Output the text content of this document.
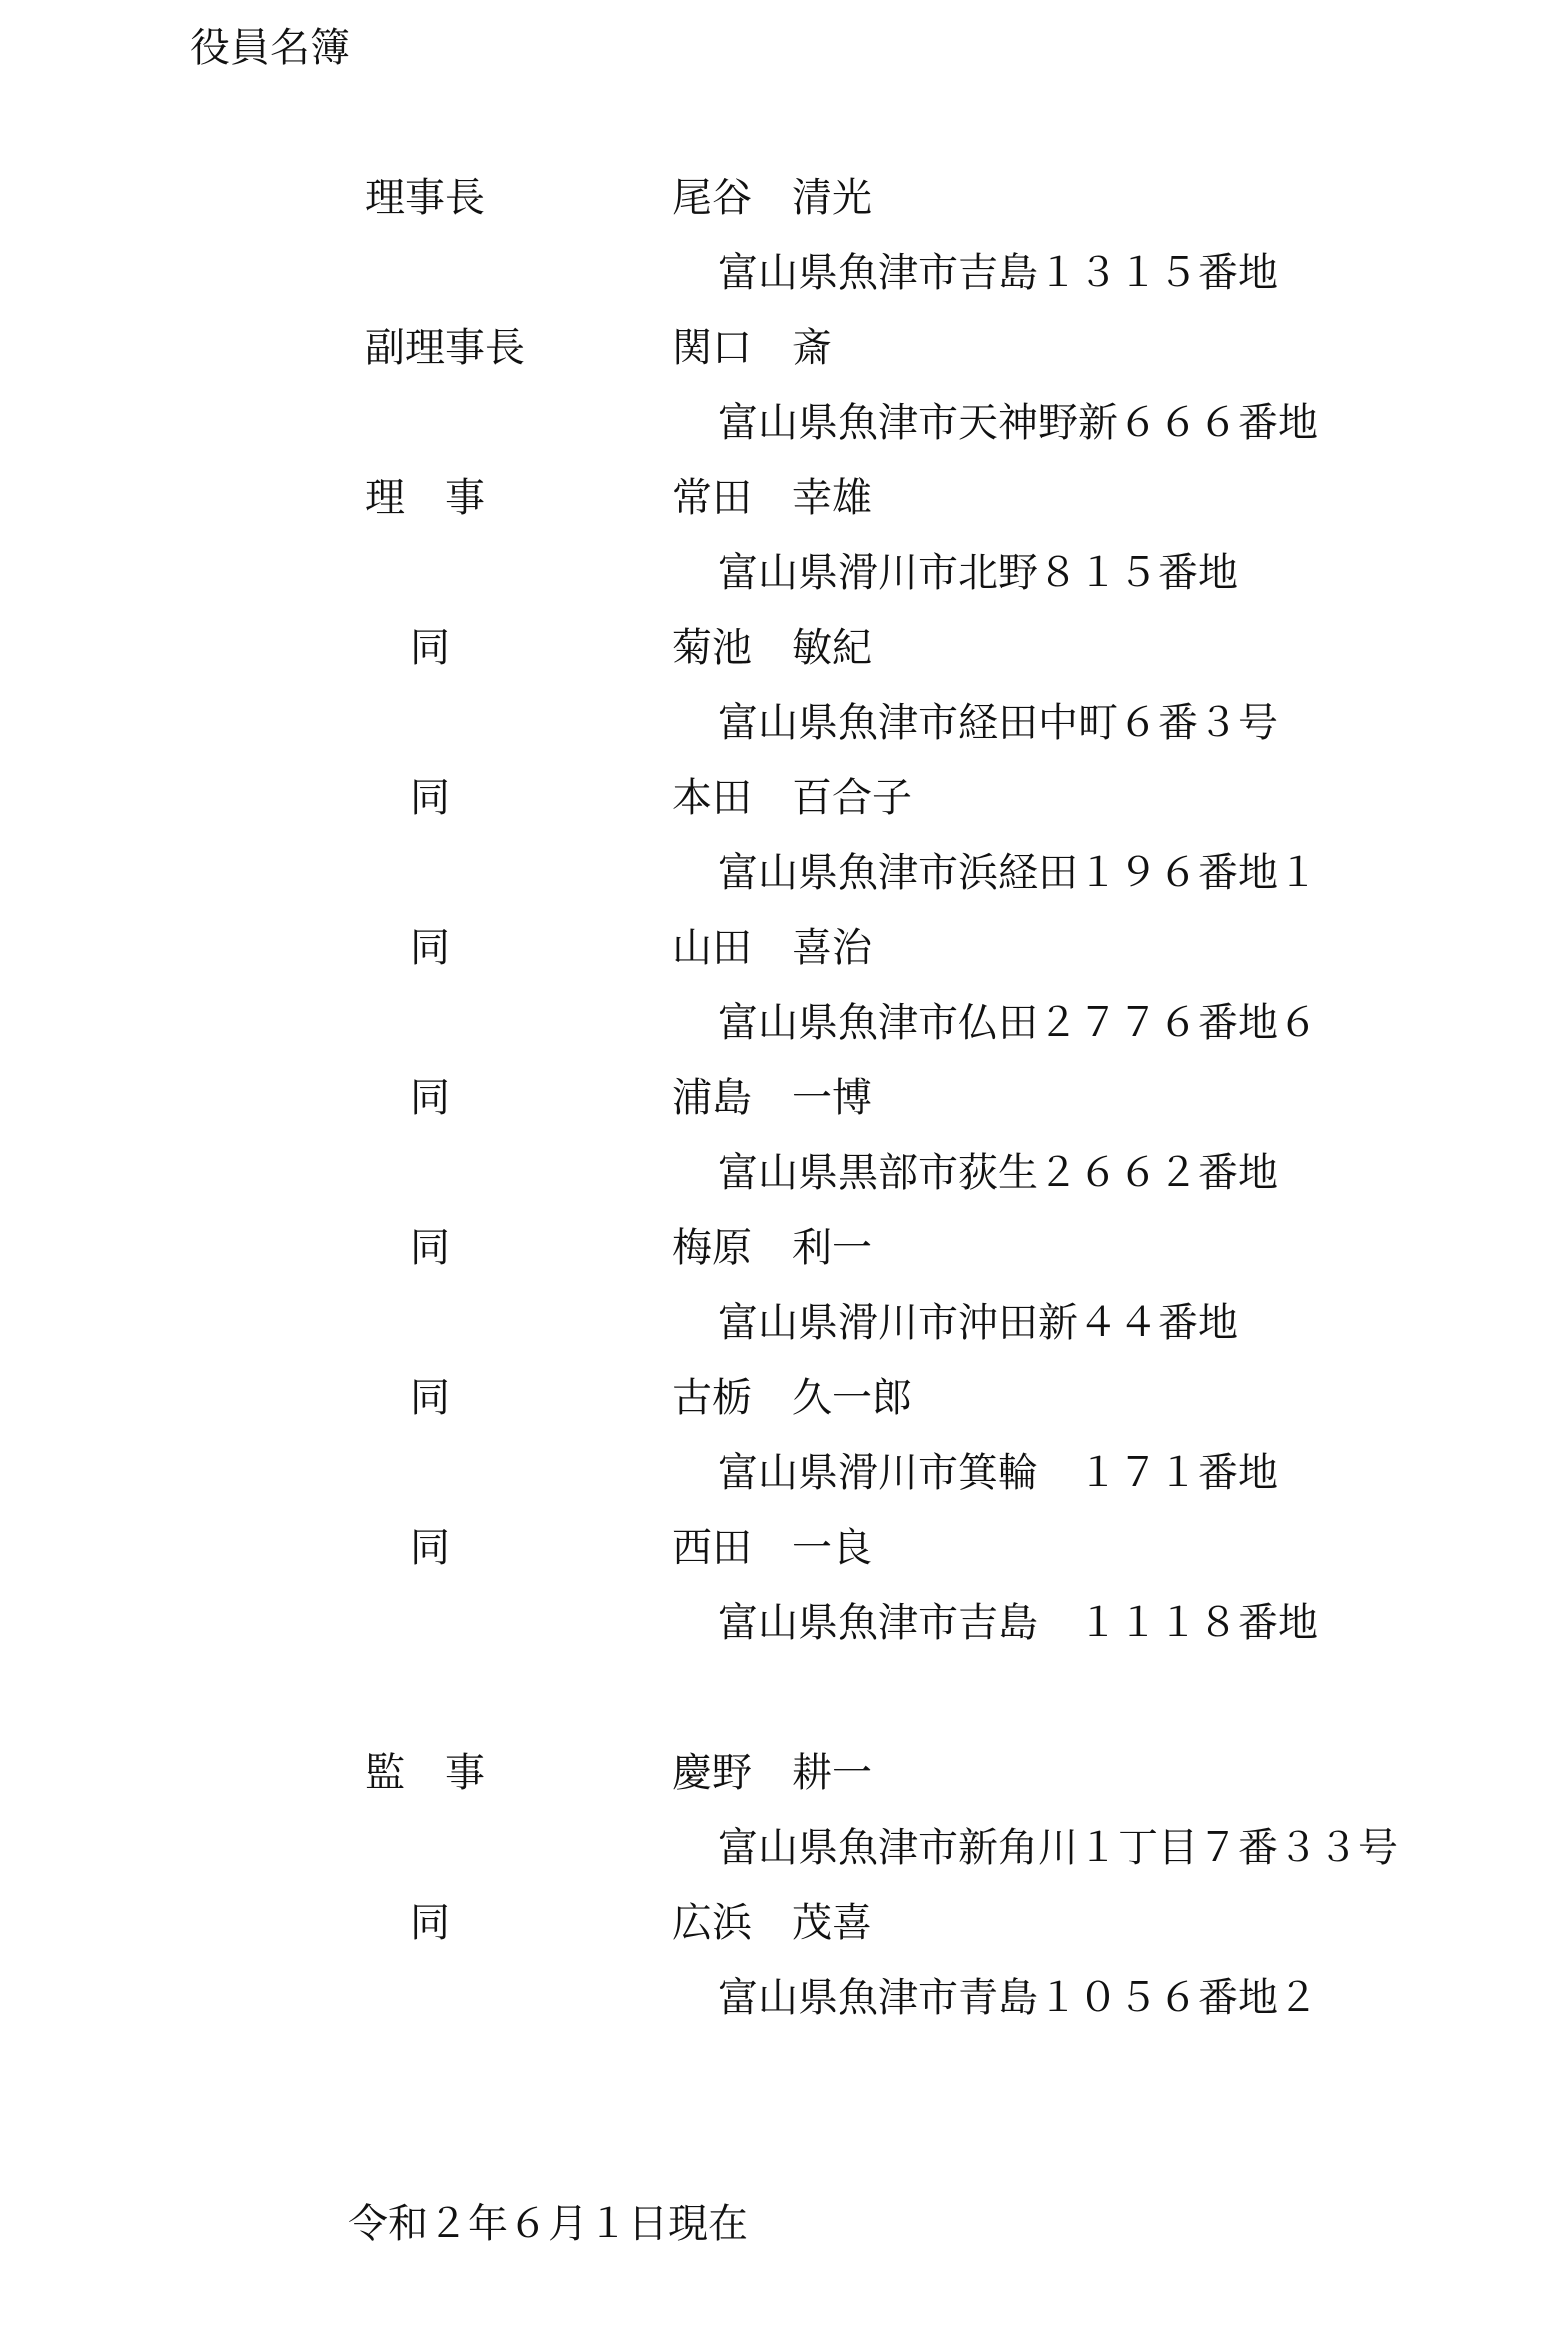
役員名簿
理事長	尾谷　清光
富山県魚津市吉島１３１５番地
副理事長	関口　斎
富山県魚津市天神野新６６６番地
理　事	常田　幸雄
富山県滑川市北野８１５番地
同	菊池　敏紀
富山県魚津市経田中町６番３号
同	本田　百合子
富山県魚津市浜経田１９６番地１
同	山田　喜治
富山県魚津市仏田２７７６番地６
同	浦島　一博
富山県黒部市荻生２６６２番地
同	梅原　利一
富山県滑川市沖田新４４番地
同	古栃　久一郎
富山県滑川市箕輪　１７１番地
同	西田　一良
富山県魚津市吉島　１１１８番地
監　事	慶野　耕一
富山県魚津市新角川１丁目７番３３号
同	広浜　茂喜
富山県魚津市青島１０５６番地２
令和２年６月１日現在
